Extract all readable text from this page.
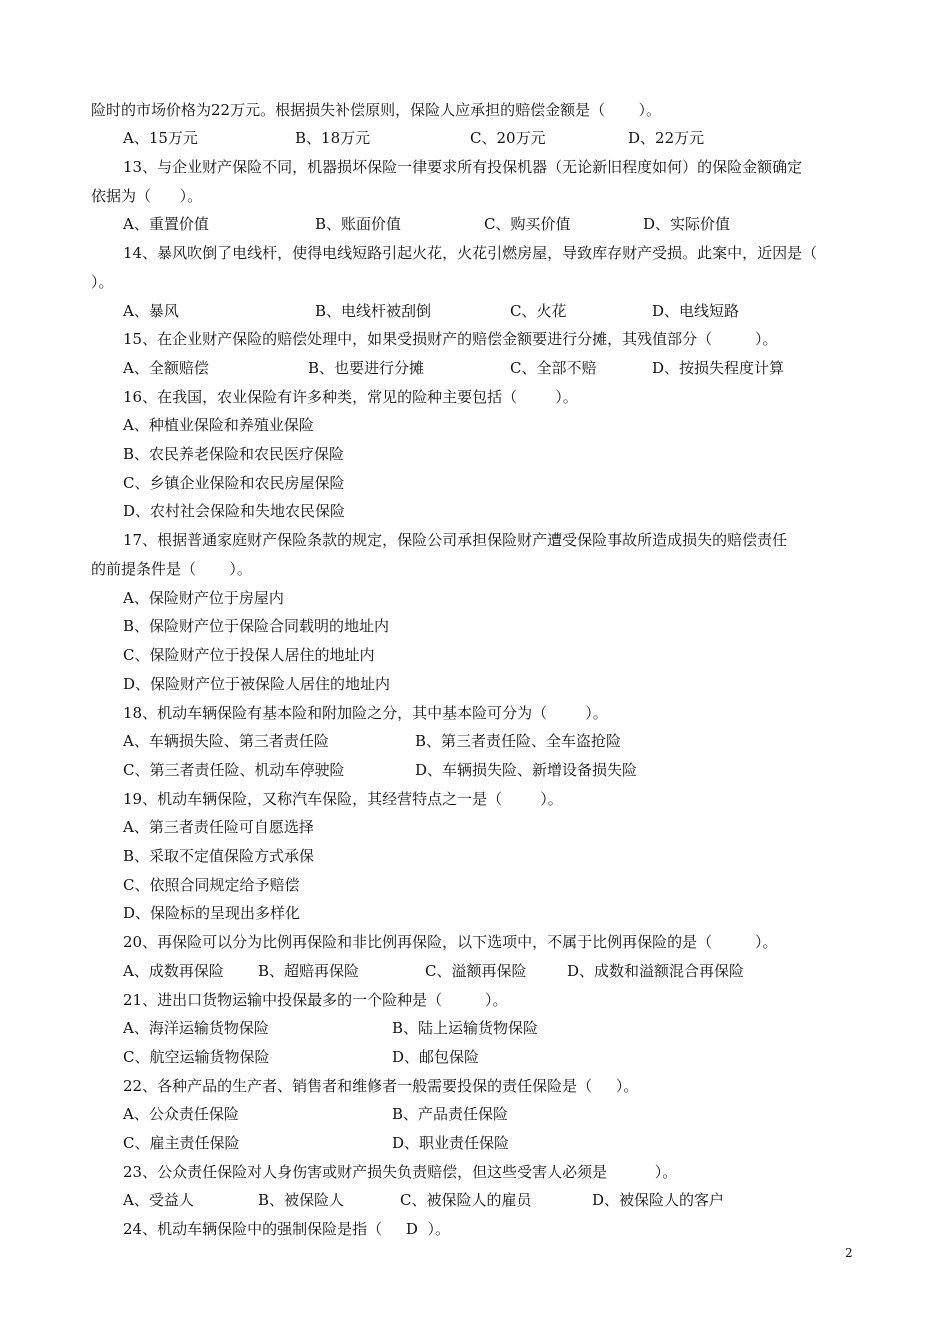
险时的市场价格为22万元。根据损失补偿原则，保险人应承担的赔偿金额是（       ）。
A、15万元	B、18万元	C、20万元	D、22万元
13、与企业财产保险不同，机器损坏保险一律要求所有投保机器（无论新旧程度如何）的保险金额确定
依据为（      ）。
A、重置价值	B、账面价值	C、购买价值	D、实际价值
14、暴风吹倒了电线杆，使得电线短路引起火花，火花引燃房屋，导致库存财产受损。此案中，近因是（
）。
A、暴风	B、电线杆被刮倒	C、火花	D、电线短路
15、在企业财产保险的赔偿处理中，如果受损财产的赔偿金额要进行分摊，其残值部分（         ）。
A、全额赔偿	B、也要进行分摊	C、全部不赔	D、按损失程度计算
16、在我国，农业保险有许多种类，常见的险种主要包括（        ）。
A、种植业保险和养殖业保险
B、农民养老保险和农民医疗保险
C、乡镇企业保险和农民房屋保险
D、农村社会保险和失地农民保险
17、根据普通家庭财产保险条款的规定，保险公司承担保险财产遭受保险事故所造成损失的赔偿责任
的前提条件是（       ）。
A、保险财产位于房屋内
B、保险财产位于保险合同载明的地址内
C、保险财产位于投保人居住的地址内
D、保险财产位于被保险人居住的地址内
18、机动车辆保险有基本险和附加险之分，其中基本险可分为（        ）。
A、车辆损失险、第三者责任险	B、第三者责任险、全车盗抢险
C、第三者责任险、机动车停驶险	D、车辆损失险、新增设备损失险
19、机动车辆保险，又称汽车保险，其经营特点之一是（        ）。
A、第三者责任险可自愿选择
B、采取不定值保险方式承保
C、依照合同规定给予赔偿
D、保险标的呈现出多样化
20、再保险可以分为比例再保险和非比例再保险，以下选项中，不属于比例再保险的是（         ）。
A、成数再保险 B、超赔再保险	C、溢额再保险	D、成数和溢额混合再保险
21、进出口货物运输中投保最多的一个险种是（         ）。
A、海洋运输货物保险	B、陆上运输货物保险
C、航空运输货物保险	D、邮包保险
22、各种产品的生产者、销售者和维修者一般需要投保的责任保险是（     ）。
A、公众责任保险	B、产品责任保险
C、雇主责任保险	D、职业责任保险
23、公众责任保险对人身伤害或财产损失负责赔偿，但这些受害人必须是          ）。
A、受益人	B、被保险人	C、被保险人的雇员	D、被保险人的客户
24、机动车辆保险中的强制保险是指（     D  ）。
2
